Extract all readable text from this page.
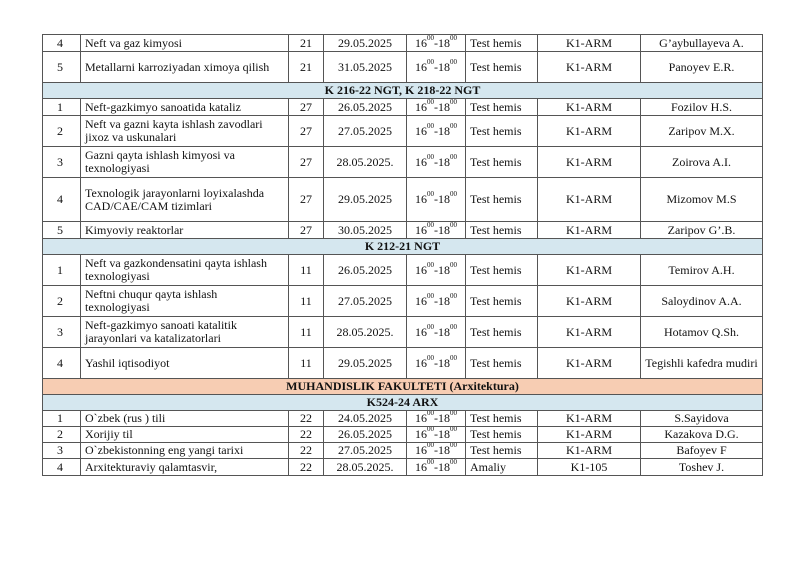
4	Neft va gaz kimyosi	21	29.05.2025	$16^{00}-18^{00}$	Test hemis	K1-ARM	G’aybullayeva A.
5	Metallarni karroziyadan ximoya qilish	21	31.05.2025	$16^{00}-18^{00}$	Test hemis	K1-ARM	Panoyev E.R.
K 216-22 NGT, K 218-22 NGT							
1	Neft-gazkimyo sanoatida kataliz	27	26.05.2025	$16^{00}-18^{00}$	Test hemis	K1-ARM	Fozilov H.S.
2	Neft va gazni kayta ishlash zavodlari jixoz va uskunalari	27	27.05.2025	$16^{00}-18^{00}$	Test hemis	K1-ARM	Zaripov M.X.
3	Gazni qayta ishlash kimyosi va texnologiyasi	27	28.05.2025.	$16^{00}-18^{00}$	Test hemis	K1-ARM	Zoirova A.I.
4	Texnologik jarayonlarni loyixalashda CAD/CAE/CAM tizimlari	27	29.05.2025	$16^{00}-18^{00}$	Test hemis	K1-ARM	Mizomov M.S
5	Kimyoviy reaktorlar	27	30.05.2025	$16^{00}-18^{00}$	Test hemis	K1-ARM	Zaripov G’.B.
K 212-21 NGT							
1	Neft va gazkondensatini qayta ishlash texnologiyasi	11	26.05.2025	$16^{00}-18^{00}$	Test hemis	K1-ARM	Temirov A.H.
2	Neftni chuqur qayta ishlash texnologiyasi	11	27.05.2025	$16^{00}-18^{00}$	Test hemis	K1-ARM	Saloydinov A.A.
3	Neft-gazkimyo sanoati katalitik jarayonlari va katalizatorlari	11	28.05.2025.	$16^{00}-18^{00}$	Test hemis	K1-ARM	Hotamov Q.Sh.
4	Yashil iqtisodiyot	11	29.05.2025	$16^{00}-18^{00}$	Test hemis	K1-ARM	Tegishli kafedra mudiri
MUHANDISLIK FAKULTETI (Arxitektura)							
K524-24 ARX							
1	O`zbek (rus ) tili	22	24.05.2025	$16^{00}-18^{00}$	Test hemis	K1-ARM	S.Sayidova
2	Xorijiy til	22	26.05.2025	$16^{00}-18^{00}$	Test hemis	K1-ARM	Kazakova D.G.
3	O`zbekistonning eng yangi tarixi	22	27.05.2025	$16^{00}-18^{00}$	Test hemis	K1-ARM	Bafoyev F
4	Arxitekturaviy qalamtasvir,	22	28.05.2025.	$16^{00}-18^{00}$	Amaliy	K1-105	Toshev J.
